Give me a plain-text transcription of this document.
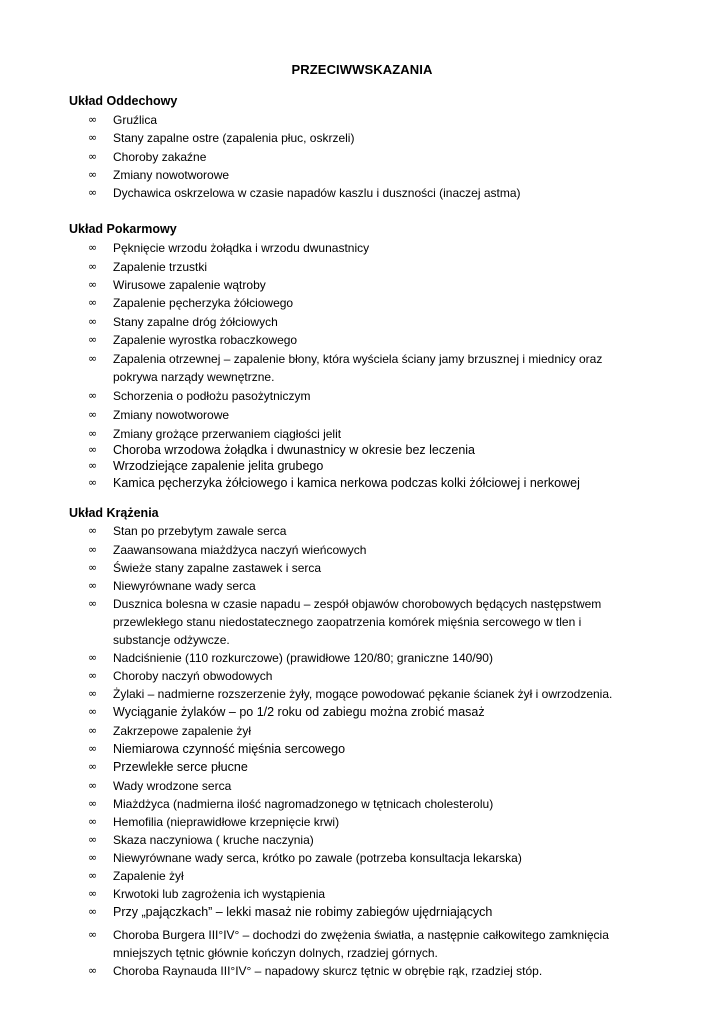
PRZECIWWSKAZANIA
Układ Oddechowy
∞ Gruźlica
∞ Stany zapalne ostre (zapalenia płuc, oskrzeli)
∞ Choroby zakaźne
∞ Zmiany nowotworowe
∞ Dychawica oskrzelowa w czasie napadów kaszlu i duszności (inaczej astma)
Układ Pokarmowy
∞ Pęknięcie wrzodu żołądka i wrzodu dwunastnicy
∞ Zapalenie trzustki
∞ Wirusowe zapalenie wątroby
∞ Zapalenie pęcherzyka żółciowego
∞ Stany zapalne dróg żółciowych
∞ Zapalenie wyrostka robaczkowego
∞ Zapalenia otrzewnej – zapalenie błony, która wyściela ściany jamy brzusznej i miednicy oraz pokrywa narządy wewnętrzne.
∞ Schorzenia o podłożu pasożytniczym
∞ Zmiany nowotworowe
∞ Zmiany grożące przerwaniem ciągłości jelit
∞ Choroba wrzodowa żołądka i dwunastnicy w okresie bez leczenia
∞ Wrzodziejące zapalenie jelita grubego
∞ Kamica pęcherzyka żółciowego i kamica nerkowa podczas kolki żółciowej i nerkowej
Układ Krążenia
∞ Stan po przebytym zawale serca
∞ Zaawansowana miażdżyca naczyń wieńcowych
∞ Świeże stany zapalne zastawek i serca
∞ Niewyrównane wady serca
∞ Dusznica bolesna w czasie napadu – zespół objawów chorobowych będących następstwem przewlekłego stanu niedostatecznego zaopatrzenia komórek mięśnia sercowego w tlen i substancje odżywcze.
∞ Nadciśnienie (110 rozkurczowe) (prawidłowe 120/80; graniczne 140/90)
∞ Choroby naczyń obwodowych
∞ Żylaki – nadmierne rozszerzenie żyły, mogące powodować pękanie ścianek żył i owrzodzenia.
∞ Wyciąganie żylaków – po 1/2 roku od zabiegu można zrobić masaż
∞ Zakrzepowe zapalenie żył
∞ Niemiarowa czynność mięśnia sercowego
∞ Przewlekłe serce płucne
∞ Wady wrodzone serca
∞ Miażdżyca (nadmierna ilość nagromadzonego w tętnicach cholesterolu)
∞ Hemofilia (nieprawidłowe krzepnięcie krwi)
∞ Skaza naczyniowa ( kruche naczynia)
∞ Niewyrównane wady serca, krótko po zawale (potrzeba konsultacja lekarska)
∞ Zapalenie żył
∞ Krwotoki lub zagrożenia ich wystąpienia
∞ Przy „pajączkach” – lekki masaż nie robimy zabiegów ujędrniających
∞ Choroba Burgera III°IV° – dochodzi do zwężenia światła, a następnie całkowitego zamknięcia mniejszych tętnic głównie kończyn dolnych, rzadziej górnych.
∞ Choroba Raynauda III°IV° – napadowy skurcz tętnic w obrębie rąk, rzadziej stóp.
